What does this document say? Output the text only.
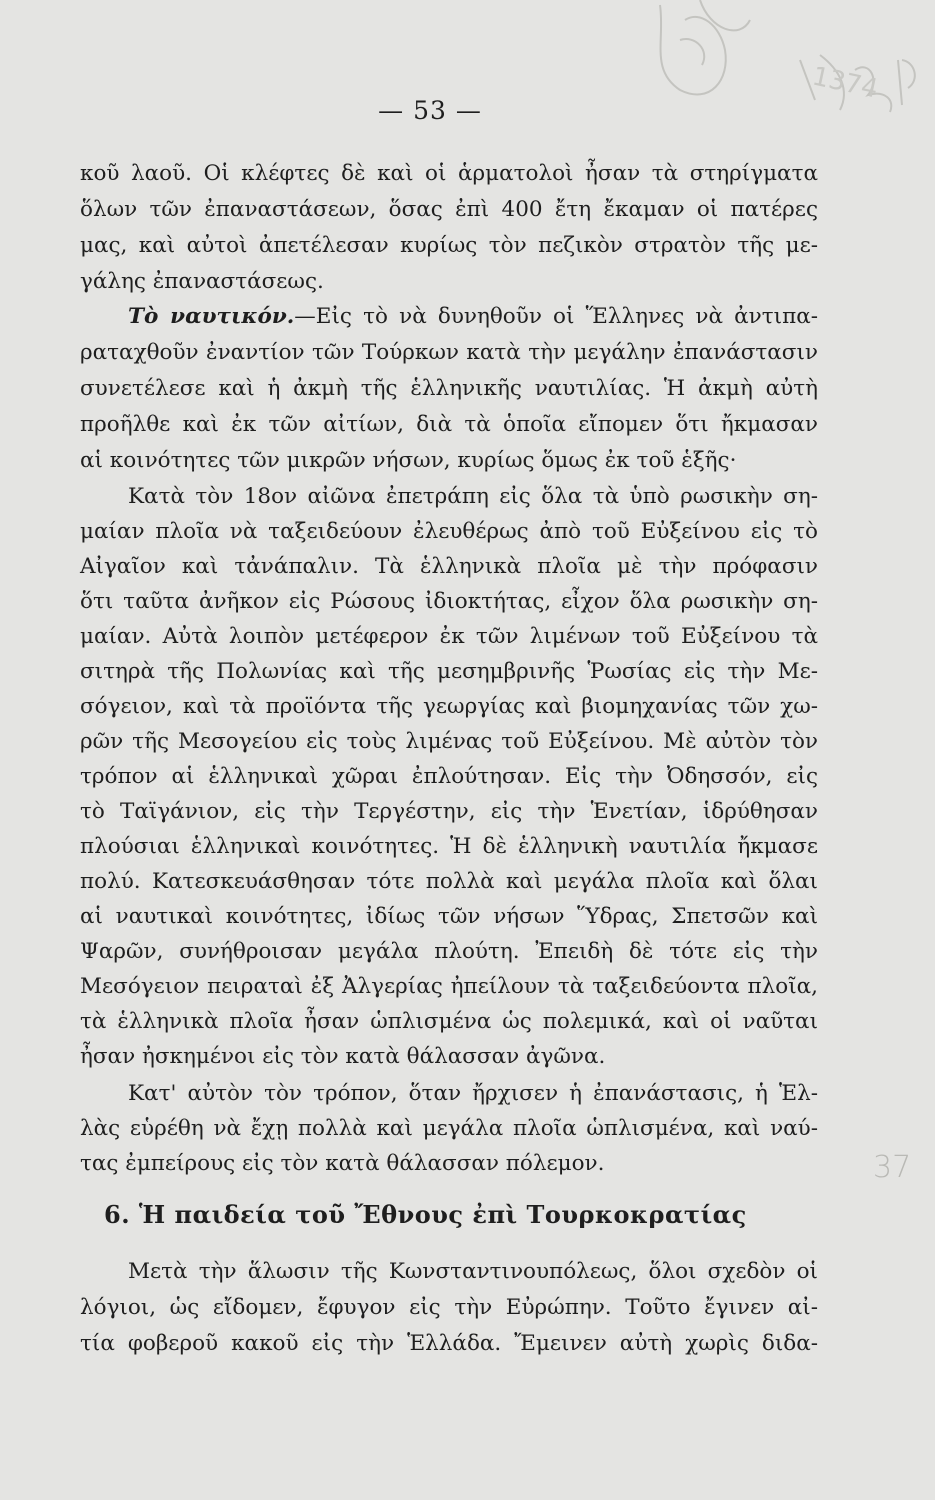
1374
— 53 —
κοῦ λαοῦ. Οἱ κλέφτες δὲ καὶ οἱ ἁρματολοὶ ἦσαν τὰ στηρίγματα
ὅλων τῶν ἐπαναστάσεων, ὅσας ἐπὶ 400 ἔτη ἔκαμαν οἱ πατέρες
μας, καὶ αὐτοὶ ἀπετέλεσαν κυρίως τὸν πεζικὸν στρατὸν τῆς με-
γάλης ἐπαναστάσεως.
Τὸ ναυτικόν.—Εἰς τὸ νὰ δυνηθοῦν οἱ Ἕλληνες νὰ ἀντιπα-
ραταχθοῦν ἐναντίον τῶν Τούρκων κατὰ τὴν μεγάλην ἐπανάστασιν
συνετέλεσε καὶ ἡ ἀκμὴ τῆς ἑλληνικῆς ναυτιλίας. Ἡ ἀκμὴ αὐτὴ
προῆλθε καὶ ἐκ τῶν αἰτίων, διὰ τὰ ὁποῖα εἴπομεν ὅτι ἤκμασαν
αἱ κοινότητες τῶν μικρῶν νήσων, κυρίως ὅμως ἐκ τοῦ ἑξῆς·
Κατὰ τὸν 18ον αἰῶνα ἐπετράπη εἰς ὅλα τὰ ὑπὸ ρωσικὴν ση-
μαίαν πλοῖα νὰ ταξειδεύουν ἐλευθέρως ἀπὸ τοῦ Εὐξείνου εἰς τὸ
Αἰγαῖον καὶ τἀνάπαλιν. Τὰ ἑλληνικὰ πλοῖα μὲ τὴν πρόφασιν
ὅτι ταῦτα ἀνῆκον εἰς Ρώσους ἰδιοκτήτας, εἶχον ὅλα ρωσικὴν ση-
μαίαν. Αὐτὰ λοιπὸν μετέφερον ἐκ τῶν λιμένων τοῦ Εὐξείνου τὰ
σιτηρὰ τῆς Πολωνίας καὶ τῆς μεσημβρινῆς Ῥωσίας εἰς τὴν Με-
σόγειον, καὶ τὰ προϊόντα τῆς γεωργίας καὶ βιομηχανίας τῶν χω-
ρῶν τῆς Μεσογείου εἰς τοὺς λιμένας τοῦ Εὐξείνου. Μὲ αὐτὸν τὸν
τρόπον αἱ ἑλληνικαὶ χῶραι ἐπλούτησαν. Εἰς τὴν Ὀδησσόν, εἰς
τὸ Ταϊγάνιον, εἰς τὴν Τεργέστην, εἰς τὴν Ἑνετίαν, ἱδρύθησαν
πλούσιαι ἑλληνικαὶ κοινότητες. Ἡ δὲ ἑλληνικὴ ναυτιλία ἤκμασε
πολύ. Κατεσκευάσθησαν τότε πολλὰ καὶ μεγάλα πλοῖα καὶ ὅλαι
αἱ ναυτικαὶ κοινότητες, ἰδίως τῶν νήσων Ὕδρας, Σπετσῶν καὶ
Ψαρῶν, συνήθροισαν μεγάλα πλούτη. Ἐπειδὴ δὲ τότε εἰς τὴν
Μεσόγειον πειραταὶ ἐξ Ἀλγερίας ἠπείλουν τὰ ταξειδεύοντα πλοῖα,
τὰ ἑλληνικὰ πλοῖα ἦσαν ὡπλισμένα ὡς πολεμικά, καὶ οἱ ναῦται
ἦσαν ἠσκημένοι εἰς τὸν κατὰ θάλασσαν ἀγῶνα.
Κατ' αὐτὸν τὸν τρόπον, ὅταν ἤρχισεν ἡ ἐπανάστασις, ἡ Ἑλ-
λὰς εὑρέθη νὰ ἔχῃ πολλὰ καὶ μεγάλα πλοῖα ὡπλισμένα, καὶ ναύ-
τας ἐμπείρους εἰς τὸν κατὰ θάλασσαν πόλεμον.	37
6. Ἡ παιδεία τοῦ Ἔθνους ἐπὶ Τουρκοκρατίας
Μετὰ τὴν ἅλωσιν τῆς Κωνσταντινουπόλεως, ὅλοι σχεδὸν οἱ
λόγιοι, ὡς εἴδομεν, ἔφυγον εἰς τὴν Εὐρώπην. Τοῦτο ἔγινεν αἰ-
τία φοβεροῦ κακοῦ εἰς τὴν Ἑλλάδα. Ἔμεινεν αὐτὴ χωρὶς διδα-
